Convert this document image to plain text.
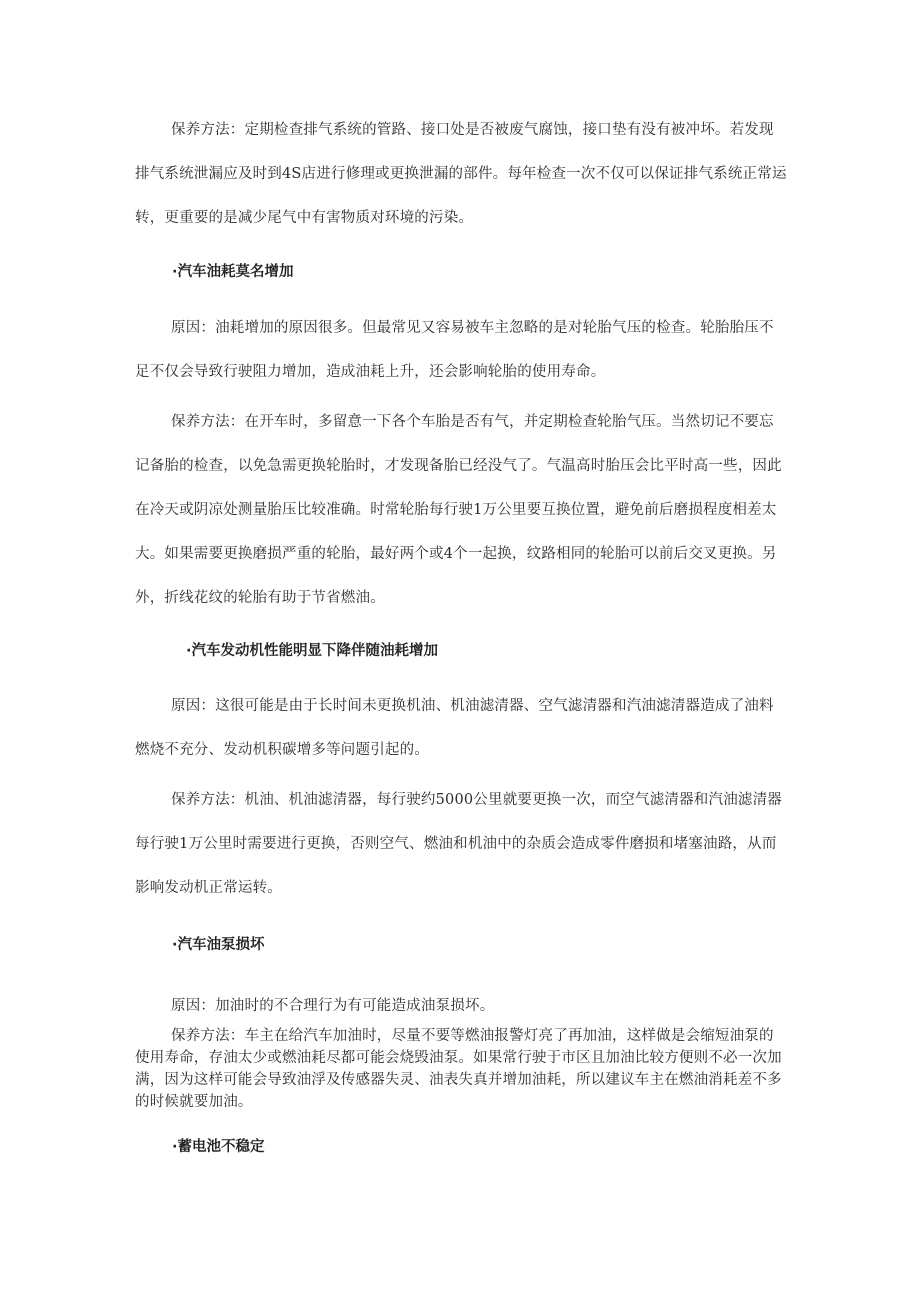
保养方法：定期检查排气系统的管路、接口处是否被废气腐蚀，接口垫有没有被冲坏。若发现排气系统泄漏应及时到4S店进行修理或更换泄漏的部件。每年检查一次不仅可以保证排气系统正常运转，更重要的是减少尾气中有害物质对环境的污染。

·汽车油耗莫名增加

原因：油耗增加的原因很多。但最常见又容易被车主忽略的是对轮胎气压的检查。轮胎胎压不足不仅会导致行驶阻力增加，造成油耗上升，还会影响轮胎的使用寿命。

保养方法：在开车时，多留意一下各个车胎是否有气，并定期检查轮胎气压。当然切记不要忘记备胎的检查，以免急需更换轮胎时，才发现备胎已经没气了。气温高时胎压会比平时高一些，因此在冷天或阴凉处测量胎压比较准确。时常轮胎每行驶1万公里要互换位置，避免前后磨损程度相差太大。如果需要更换磨损严重的轮胎，最好两个或4个一起换，纹路相同的轮胎可以前后交叉更换。另外，折线花纹的轮胎有助于节省燃油。

·汽车发动机性能明显下降伴随油耗增加

原因：这很可能是由于长时间未更换机油、机油滤清器、空气滤清器和汽油滤清器造成了油料燃烧不充分、发动机积碳增多等问题引起的。

保养方法：机油、机油滤清器，每行驶约5000公里就要更换一次，而空气滤清器和汽油滤清器每行驶1万公里时需要进行更换，否则空气、燃油和机油中的杂质会造成零件磨损和堵塞油路，从而影响发动机正常运转。

·汽车油泵损坏

原因：加油时的不合理行为有可能造成油泵损坏。

保养方法：车主在给汽车加油时，尽量不要等燃油报警灯亮了再加油，这样做是会缩短油泵的使用寿命，存油太少或燃油耗尽都可能会烧毁油泵。如果常行驶于市区且加油比较方便则不必一次加满，因为这样可能会导致油浮及传感器失灵、油表失真并增加油耗，所以建议车主在燃油消耗差不多的时候就要加油。

·蓄电池不稳定
